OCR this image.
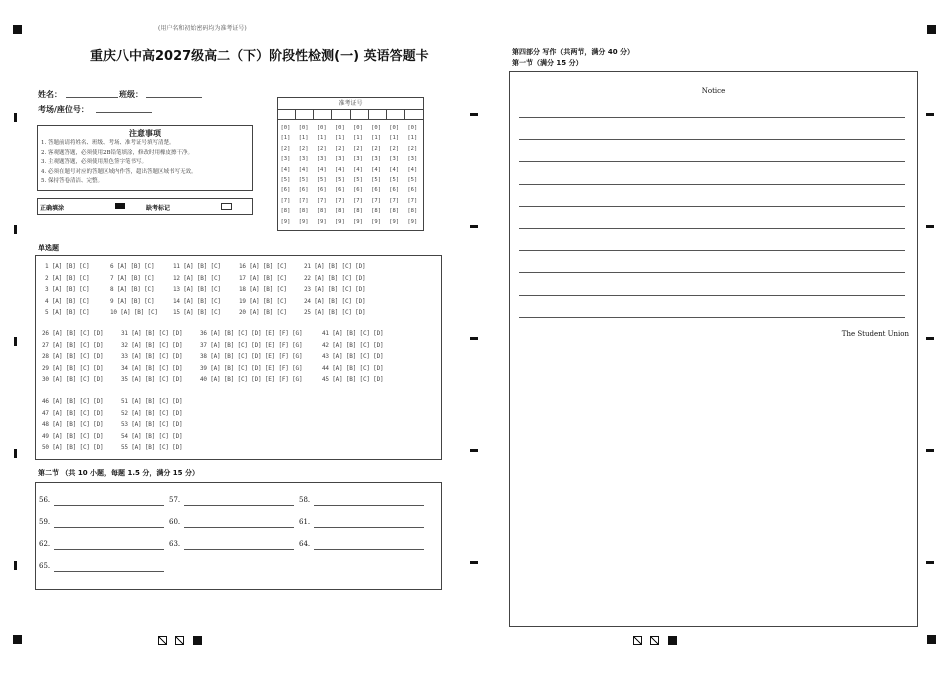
(用户名和初始密码均为准考证号)
重庆八中高2027级高二（下）阶段性检测(一) 英语答题卡
姓名：	班级：
考场/座位号：
注意事项
1. 答题前请将姓名、班级、考场、准考证号填写清楚。
2. 客观题答题，必须使用2B铅笔填涂，修改时用橡皮擦干净。
3. 主观题答题，必须使用黑色签字笔书写。
4. 必须在题号对应的答题区域内作答，超出答题区域书写无效。
5. 保持答卷清洁、完整。
正确填涂	缺考标记
准考证号
[0] [0] [0] [0] [0] [0] [0] [0]
[1] [1] [1] [1] [1] [1] [1] [1]
[2] [2] [2] [2] [2] [2] [2] [2]
[3] [3] [3] [3] [3] [3] [3] [3]
[4] [4] [4] [4] [4] [4] [4] [4]
[5] [5] [5] [5] [5] [5] [5] [5]
[6] [6] [6] [6] [6] [6] [6] [6]
[7] [7] [7] [7] [7] [7] [7] [7]
[8] [8] [8] [8] [8] [8] [8] [8]
[9] [9] [9] [9] [9] [9] [9] [9]
单选题
1 [A] [B] [C]	6 [A] [B] [C]	11 [A] [B] [C]	16 [A] [B] [C]	21 [A] [B] [C] [D]
2 [A] [B] [C]	7 [A] [B] [C]	12 [A] [B] [C]	17 [A] [B] [C]	22 [A] [B] [C] [D]
3 [A] [B] [C]	8 [A] [B] [C]	13 [A] [B] [C]	18 [A] [B] [C]	23 [A] [B] [C] [D]
4 [A] [B] [C]	9 [A] [B] [C]	14 [A] [B] [C]	19 [A] [B] [C]	24 [A] [B] [C] [D]
5 [A] [B] [C]	10 [A] [B] [C]	15 [A] [B] [C]	20 [A] [B] [C]	25 [A] [B] [C] [D]
26 [A] [B] [C] [D]	31 [A] [B] [C] [D]	36 [A] [B] [C] [D] [E] [F] [G]	41 [A] [B] [C] [D]
27 [A] [B] [C] [D]	32 [A] [B] [C] [D]	37 [A] [B] [C] [D] [E] [F] [G]	42 [A] [B] [C] [D]
28 [A] [B] [C] [D]	33 [A] [B] [C] [D]	38 [A] [B] [C] [D] [E] [F] [G]	43 [A] [B] [C] [D]
29 [A] [B] [C] [D]	34 [A] [B] [C] [D]	39 [A] [B] [C] [D] [E] [F] [G]	44 [A] [B] [C] [D]
30 [A] [B] [C] [D]	35 [A] [B] [C] [D]	40 [A] [B] [C] [D] [E] [F] [G]	45 [A] [B] [C] [D]
46 [A] [B] [C] [D]	51 [A] [B] [C] [D]
47 [A] [B] [C] [D]	52 [A] [B] [C] [D]
48 [A] [B] [C] [D]	53 [A] [B] [C] [D]
49 [A] [B] [C] [D]	54 [A] [B] [C] [D]
50 [A] [B] [C] [D]	55 [A] [B] [C] [D]
第二节 （共 10 小题，每题 1.5 分，满分 15 分）
56.	57.	58.
59.	60.	61.
62.	63.	64.
65.
第四部分 写作（共两节，满分 40 分）
第一节（满分 15 分）
Notice
The Student Union
